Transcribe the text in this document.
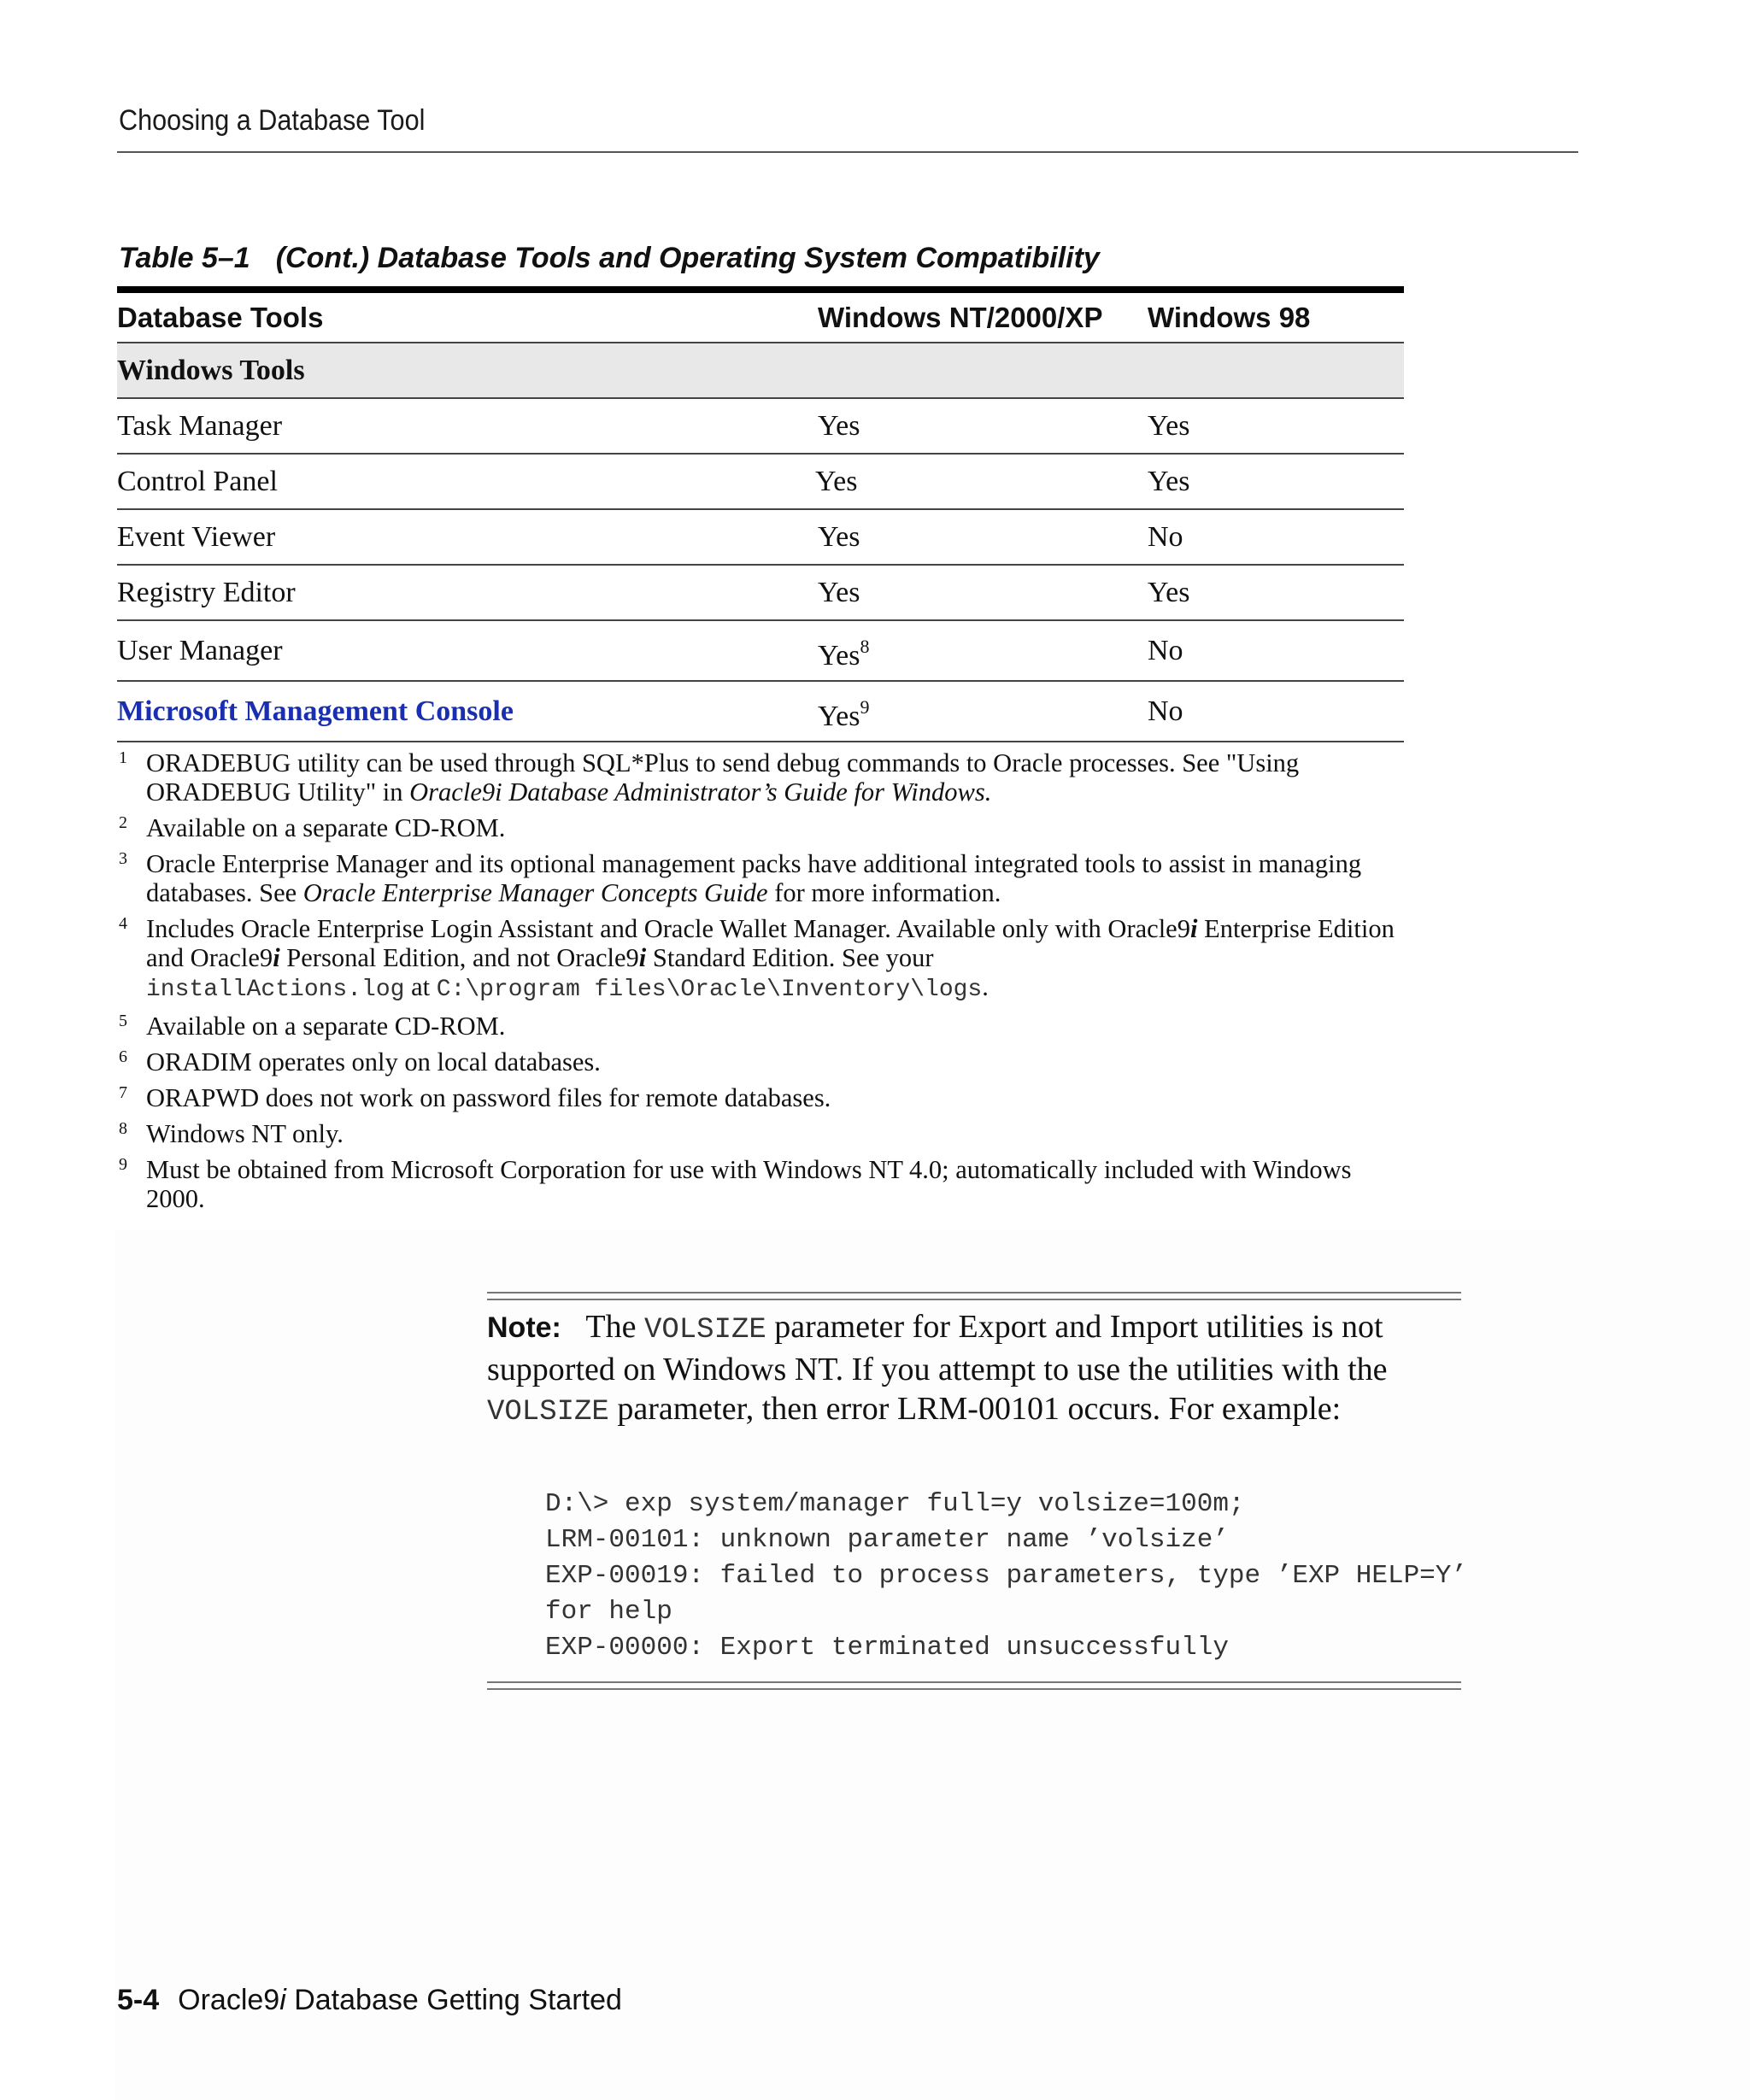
Choosing a Database Tool
Table 5–1 (Cont.) Database Tools and Operating System Compatibility
Database Tools	Windows NT/2000/XP	Windows 98
Windows Tools		
Task Manager	Yes	Yes
Control Panel	Yes	Yes
Event Viewer	Yes	No
Registry Editor	Yes	Yes
User Manager	Yes$^8$	No
Microsoft Management Console	Yes$^9$	No
1 ORADEBUG utility can be used through SQL*Plus to send debug commands to Oracle processes. See "Using ORADEBUG Utility" in Oracle9i Database Administrator’s Guide for Windows.
2 Available on a separate CD-ROM.
3 Oracle Enterprise Manager and its optional management packs have additional integrated tools to assist in managing databases. See Oracle Enterprise Manager Concepts Guide for more information.
4 Includes Oracle Enterprise Login Assistant and Oracle Wallet Manager. Available only with Oracle9i Enterprise Edition and Oracle9i Personal Edition, and not Oracle9i Standard Edition. See your
installActions.log at C:\program files\Oracle\Inventory\logs.
5 Available on a separate CD-ROM.
6 ORADIM operates only on local databases.
7 ORAPWD does not work on password files for remote databases.
8 Windows NT only.
9 Must be obtained from Microsoft Corporation for use with Windows NT 4.0; automatically included with Windows 2000.
Note: The VOLSIZE parameter for Export and Import utilities is not supported on Windows NT. If you attempt to use the utilities with the VOLSIZE parameter, then error LRM-00101 occurs. For example:
D:\> exp system/manager full=y volsize=100m;
LRM-00101: unknown parameter name ’volsize’
EXP-00019: failed to process parameters, type ’EXP HELP=Y’
for help
EXP-00000: Export terminated unsuccessfully
5-4 Oracle9i Database Getting Started
